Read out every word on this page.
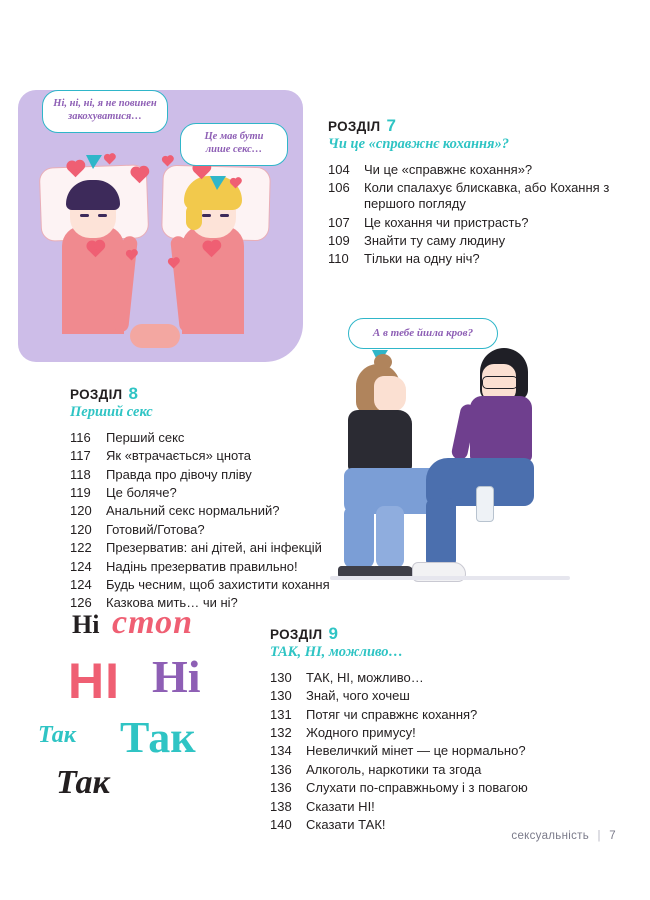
Ні, ні, ні, я не повинен закохуватися…
Це мав бути лише секс…
РОЗДІЛ 7
Чи це «справжнє кохання»?
104	Чи це «справжнє кохання»?
106	Коли спалахує блискавка, або Кохання з першого погляду
107	Це кохання чи пристрасть?
109	Знайти ту саму людину
110	Тільки на одну ніч?
РОЗДІЛ 8
Перший секс
116	Перший секс
117	Як «втрачається» цнота
118	Правда про дівочу пліву
119	Це боляче?
120	Анальний секс нормальний?
120	Готовий/Готова?
122	Презерватив: ані дітей, ані інфекцій
124	Надінь презерватив правильно!
124	Будь чесним, щоб захистити кохання
126	Казкова мить… чи ні?
А в тебе йшла кров?
Ні стоп
НІ Ні
Так Так
Так
РОЗДІЛ 9
ТАК, НІ, можливо…
130	ТАК, НІ, можливо…
130	Знай, чого хочеш
131	Потяг чи справжнє кохання?
132	Жодного примусу!
134	Невеличкий мінет — це нормально?
136	Алкоголь, наркотики та згода
136	Слухати по-справжньому і з повагою
138	Сказати НІ!
140	Сказати ТАК!
сексуальність | 7
